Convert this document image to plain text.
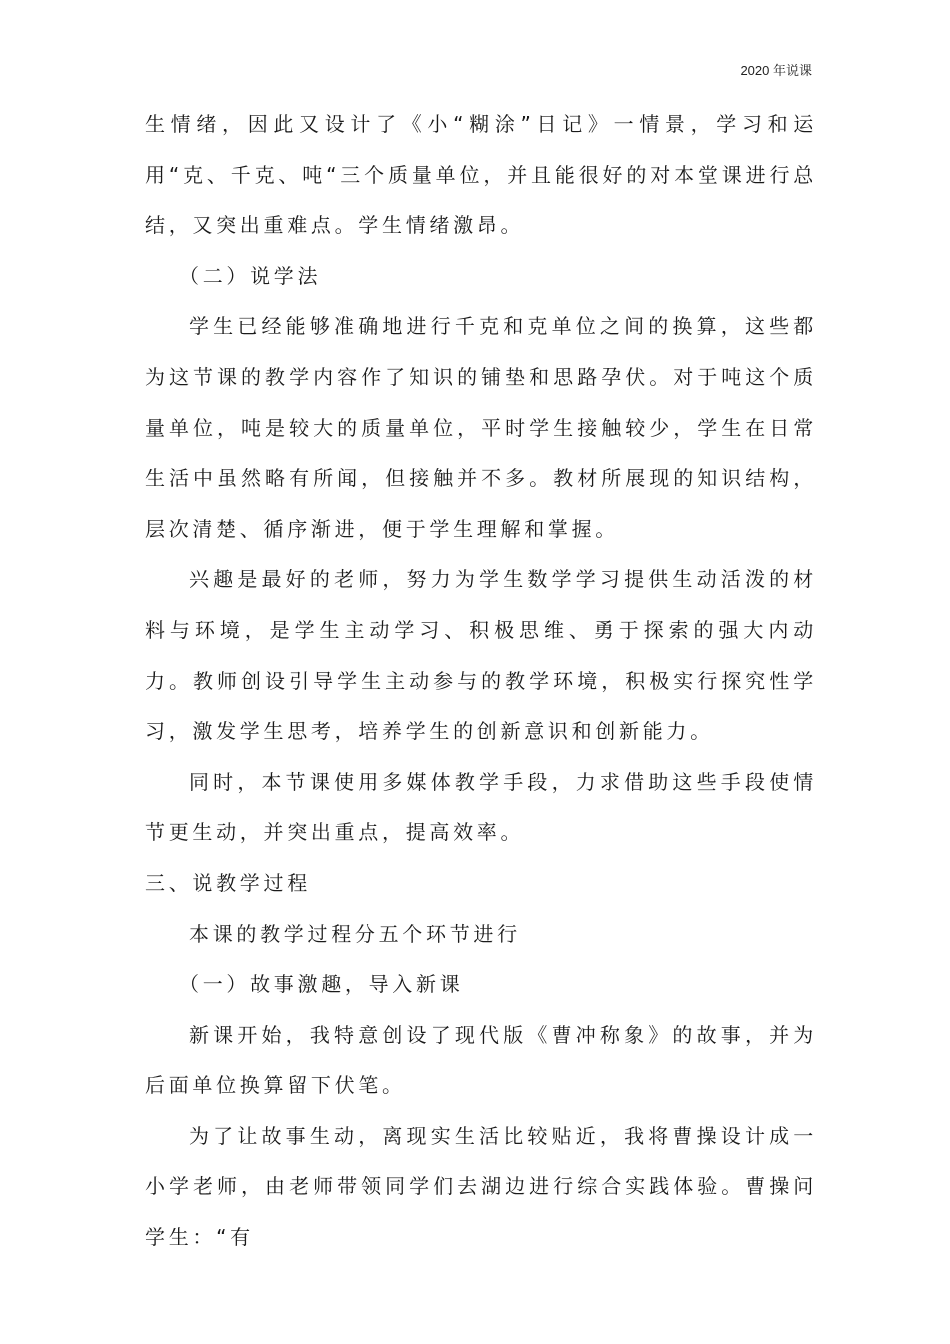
2020 年说课

生情绪，因此又设计了《小“糊涂”日记》一情景，学习和运用“克、千克、吨“三个质量单位，并且能很好的对本堂课进行总结，又突出重难点。学生情绪激昂。

（二）说学法

学生已经能够准确地进行千克和克单位之间的换算，这些都为这节课的教学内容作了知识的铺垫和思路孕伏。对于吨这个质量单位，吨是较大的质量单位，平时学生接触较少，学生在日常生活中虽然略有所闻，但接触并不多。教材所展现的知识结构，层次清楚、循序渐进，便于学生理解和掌握。

兴趣是最好的老师，努力为学生数学学习提供生动活泼的材料与环境，是学生主动学习、积极思维、勇于探索的强大内动力。教师创设引导学生主动参与的教学环境，积极实行探究性学习，激发学生思考，培养学生的创新意识和创新能力。

同时，本节课使用多媒体教学手段，力求借助这些手段使情节更生动，并突出重点，提高效率。

三、说教学过程

本课的教学过程分五个环节进行

（一）故事激趣，导入新课

新课开始，我特意创设了现代版《曹冲称象》的故事，并为后面单位换算留下伏笔。

为了让故事生动，离现实生活比较贴近，我将曹操设计成一小学老师，由老师带领同学们去湖边进行综合实践体验。曹操问学生：“有
